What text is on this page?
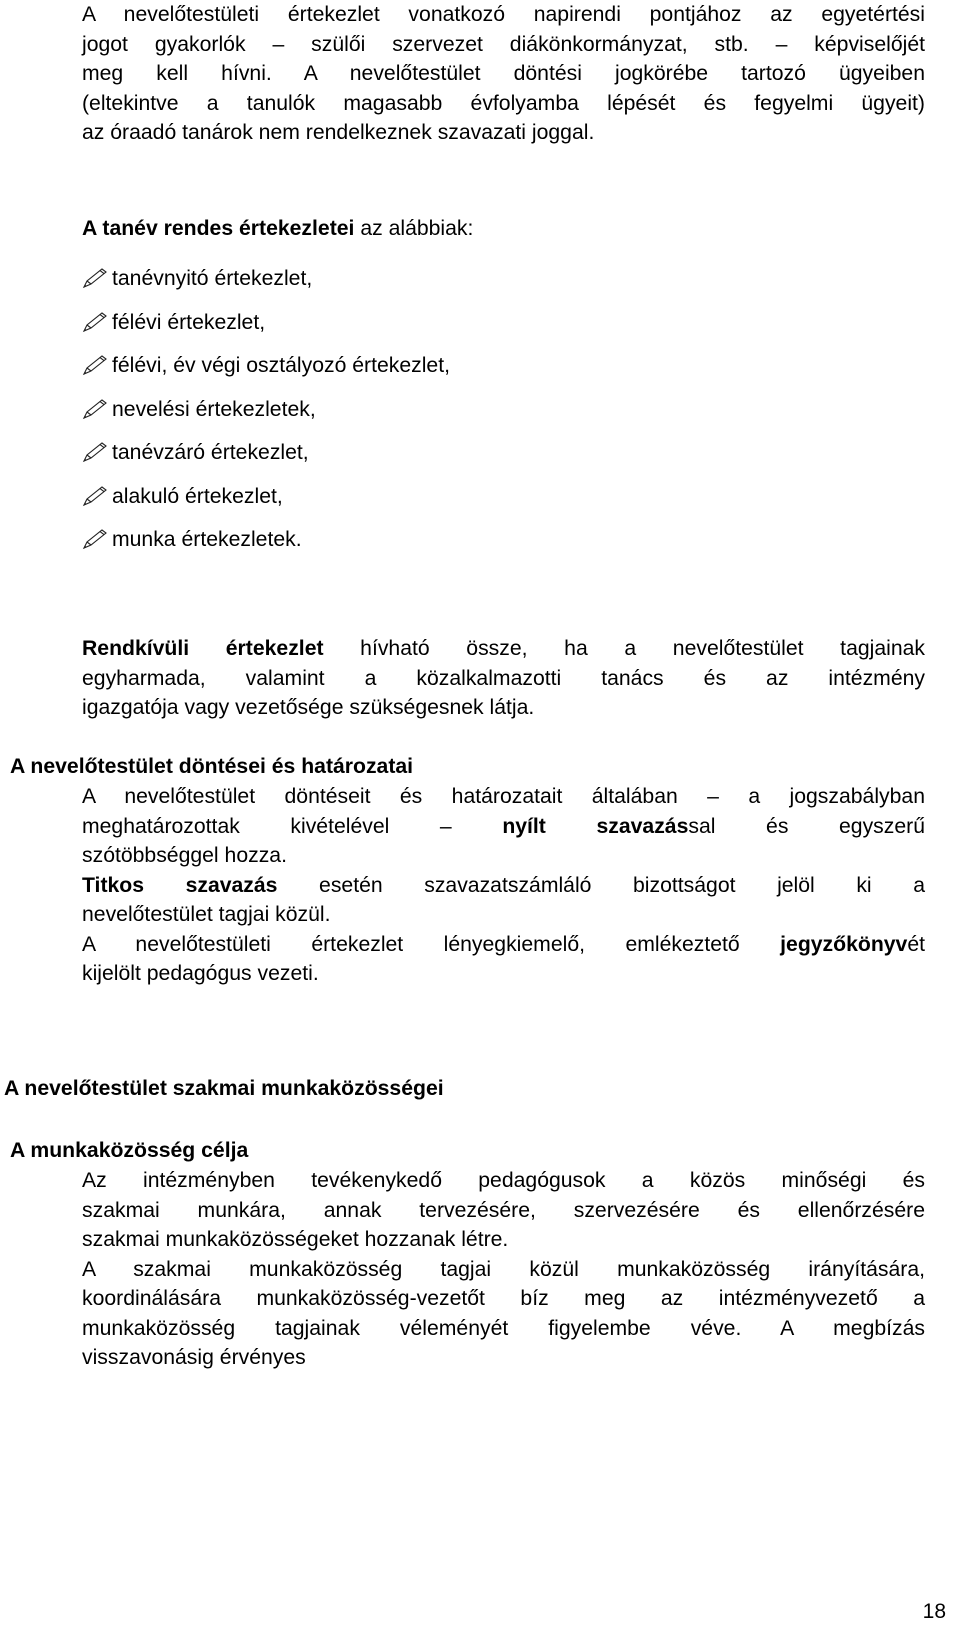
A nevelőtestületi értekezlet vonatkozó napirendi pontjához az egyetértési
jogot gyakorlók – szülői szervezet diákönkormányzat, stb. – képviselőjét
meg kell hívni. A nevelőtestület döntési jogkörébe tartozó ügyeiben
(eltekintve a tanulók magasabb évfolyamba lépését és fegyelmi ügyeit)
az óraadó tanárok nem rendelkeznek szavazati joggal.
A tanév rendes értekezletei az alábbiak:
tanévnyitó értekezlet,
félévi értekezlet,
félévi, év végi osztályozó értekezlet,
nevelési értekezletek,
tanévzáró értekezlet,
alakuló értekezlet,
munka értekezletek.
Rendkívüli értekezlet hívható össze, ha a nevelőtestület tagjainak
egyharmada, valamint a közalkalmazotti tanács és az intézmény
igazgatója vagy vezetősége szükségesnek látja.
A nevelőtestület döntései és határozatai
A nevelőtestület döntéseit és határozatait általában – a jogszabályban
meghatározottak kivételével – nyílt szavazással és egyszerű
szótöbbséggel hozza.
Titkos szavazás esetén szavazatszámláló bizottságot jelöl ki a
nevelőtestület tagjai közül.
A nevelőtestületi értekezlet lényegkiemelő, emlékeztető jegyzőkönyvét
kijelölt pedagógus vezeti.
A nevelőtestület szakmai munkaközösségei
A munkaközösség célja
Az intézményben tevékenykedő pedagógusok a közös minőségi és
szakmai munkára, annak tervezésére, szervezésére és ellenőrzésére
szakmai munkaközösségeket hozzanak létre.
A szakmai munkaközösség tagjai közül munkaközösség irányítására,
koordinálására munkaközösség-vezetőt bíz meg az intézményvezető a
munkaközösség tagjainak véleményét figyelembe véve. A megbízás
visszavonásig érvényes
18
